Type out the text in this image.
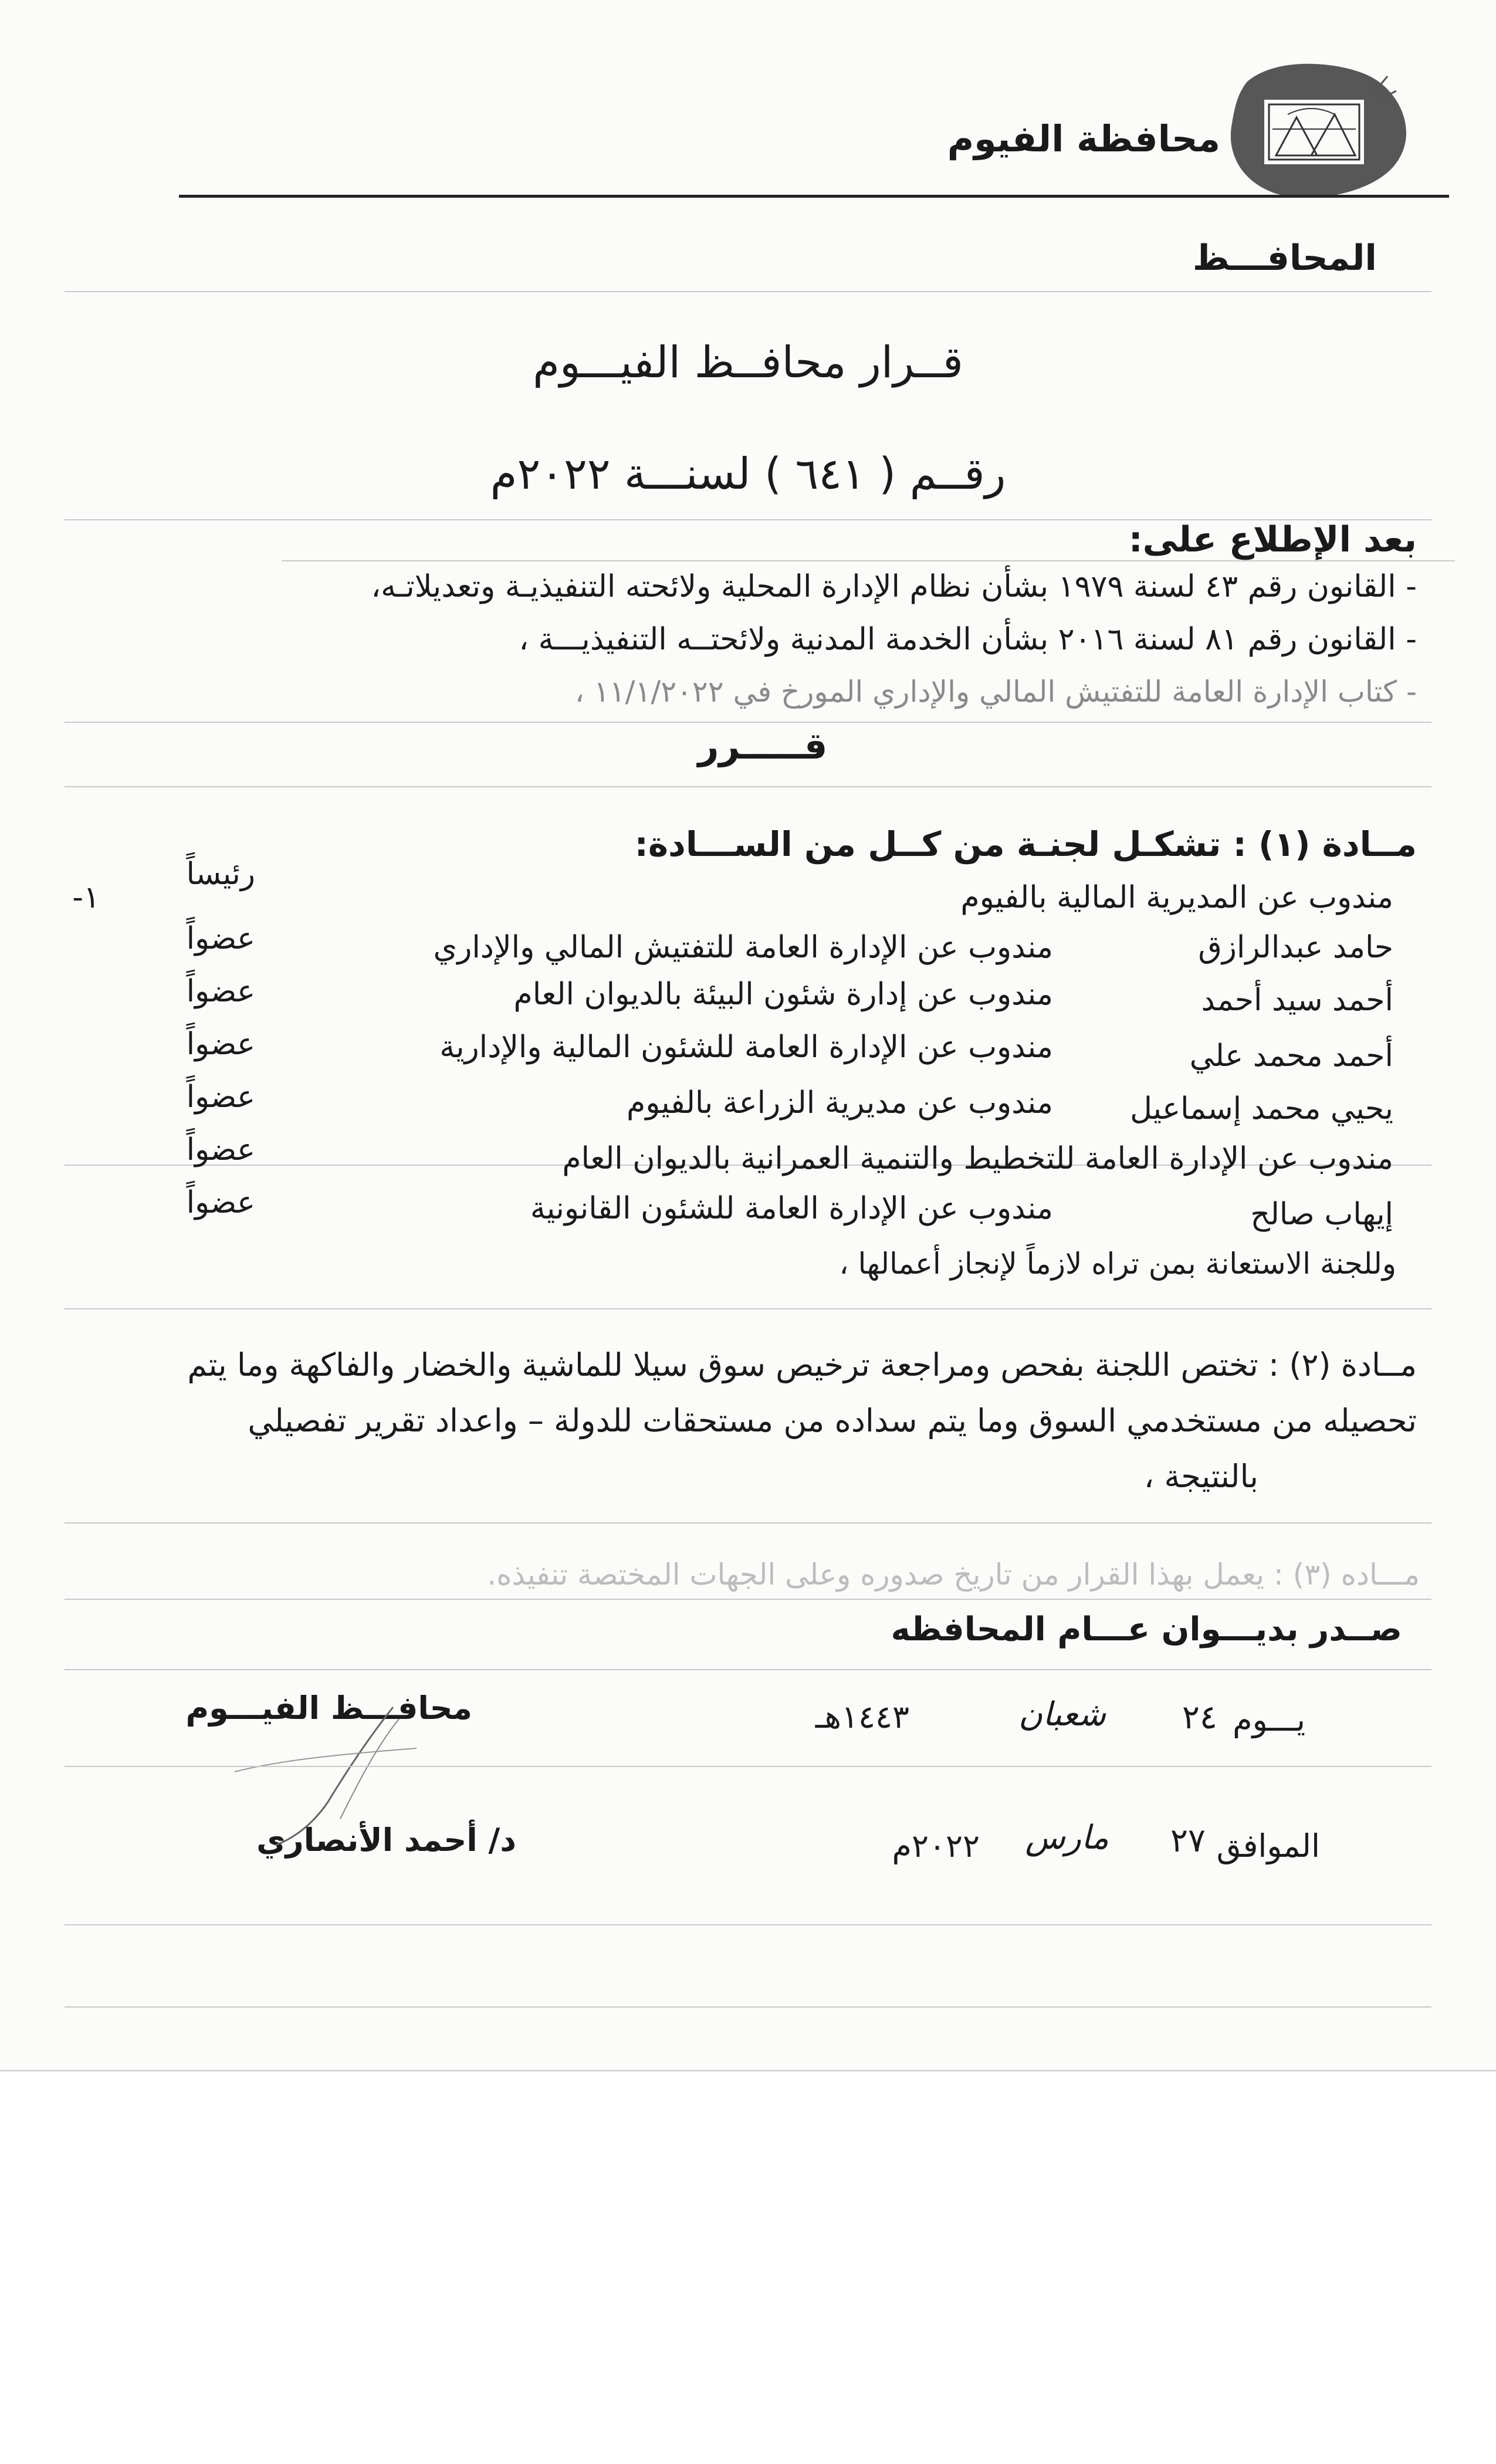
محافظة الفيوم
المحافـــظ
قــرار محافــظ الفيـــوم
رقــم ( ٦٤١ ) لسنـــة ٢٠٢٢م
بعد الإطلاع على:
- القانون رقم ٤٣ لسنة ١٩٧٩ بشأن نظام الإدارة المحلية ولائحته التنفيذيـة وتعديلاتـه،
- القانون رقم ٨١ لسنة ٢٠١٦ بشأن الخدمة المدنية ولائحتــه التنفيذيـــة ،
- كتاب الإدارة العامة للتفتيش المالي والإداري المورخ في ١١/١/٢٠٢٢ ،
قـــــرر
مــادة (١) : تشكـل لجنـة من كــل من الســـادة:
مندوب عن المديرية المالية بالفيوم
١-
رئيساً
حامد عبدالرازق
مندوب عن الإدارة العامة للتفتيش المالي والإداري
عضواً
أحمد سيد أحمد
مندوب عن إدارة شئون البيئة بالديوان العام
عضواً
أحمد محمد علي
مندوب عن الإدارة العامة للشئون المالية والإدارية
عضواً
يحيي محمد إسماعيل
مندوب عن مديرية الزراعة بالفيوم
عضواً
مندوب عن الإدارة العامة للتخطيط والتنمية العمرانية بالديوان العام
عضواً
إيهاب صالح
مندوب عن الإدارة العامة للشئون القانونية
عضواً
وللجنة الاستعانة بمن تراه لازماً لإنجاز أعمالها ،
مــادة (٢) : تختص اللجنة بفحص ومراجعة ترخيص سوق سيلا للماشية والخضار والفاكهة وما يتم
تحصيله من مستخدمي السوق وما يتم سداده من مستحقات للدولة – واعداد تقرير تفصيلي
بالنتيجة ،
مـــاده (٣) : يعمل بهذا القرار من تاريخ صدوره وعلى الجهات المختصة تنفيذه.
صــدر بديـــوان عـــام المحافظه
محافـــظ الفيـــوم
د/ أحمد الأنصاري
يـــوم
٢٤
شعبان
١٤٤٣هـ
الموافق
٢٧
مارس
٢٠٢٢م
